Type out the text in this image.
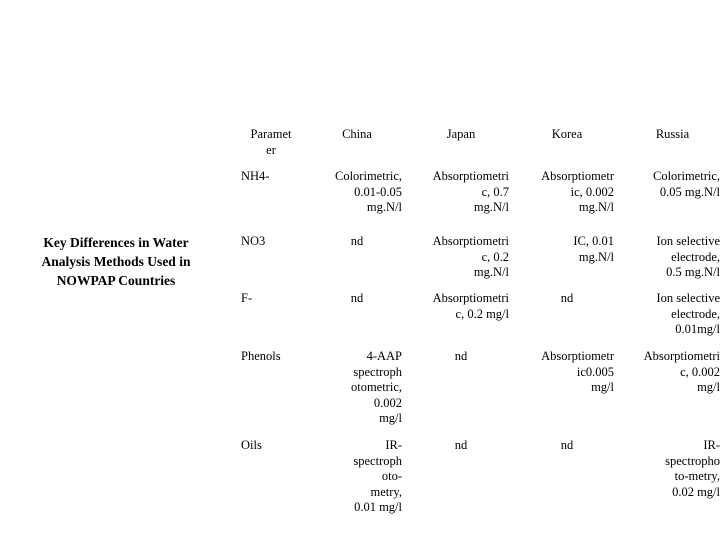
Key Differences in Water
Analysis Methods Used in
NOWPAP Countries
Paramet
er	China	Japan	Korea	Russia

NH4-	Colorimetric,
0.01-0.05
mg.N/l	Absorptiometri
c, 0.7
mg.N/l	Absorptiometr
ic, 0.002
mg.N/l	Colorimetric,
0.05 mg.N/l

NO3	nd	Absorptiometri
c, 0.2
mg.N/l	IC, 0.01
mg.N/l	Ion selective
electrode,
0.5 mg.N/l

F-	nd	Absorptiometri
c, 0.2 mg/l	nd	Ion selective
electrode,
0.01mg/l

Phenols	4-AAP
spectroph
otometric,
0.002
mg/l	nd	Absorptiometr
ic0.005
mg/l	Absorptiometri
c, 0.002
mg/l

Oils	IR-
spectroph
oto-
metry,
0.01 mg/l	nd	nd	IR-
spectropho
to-metry,
0.02 mg/l
